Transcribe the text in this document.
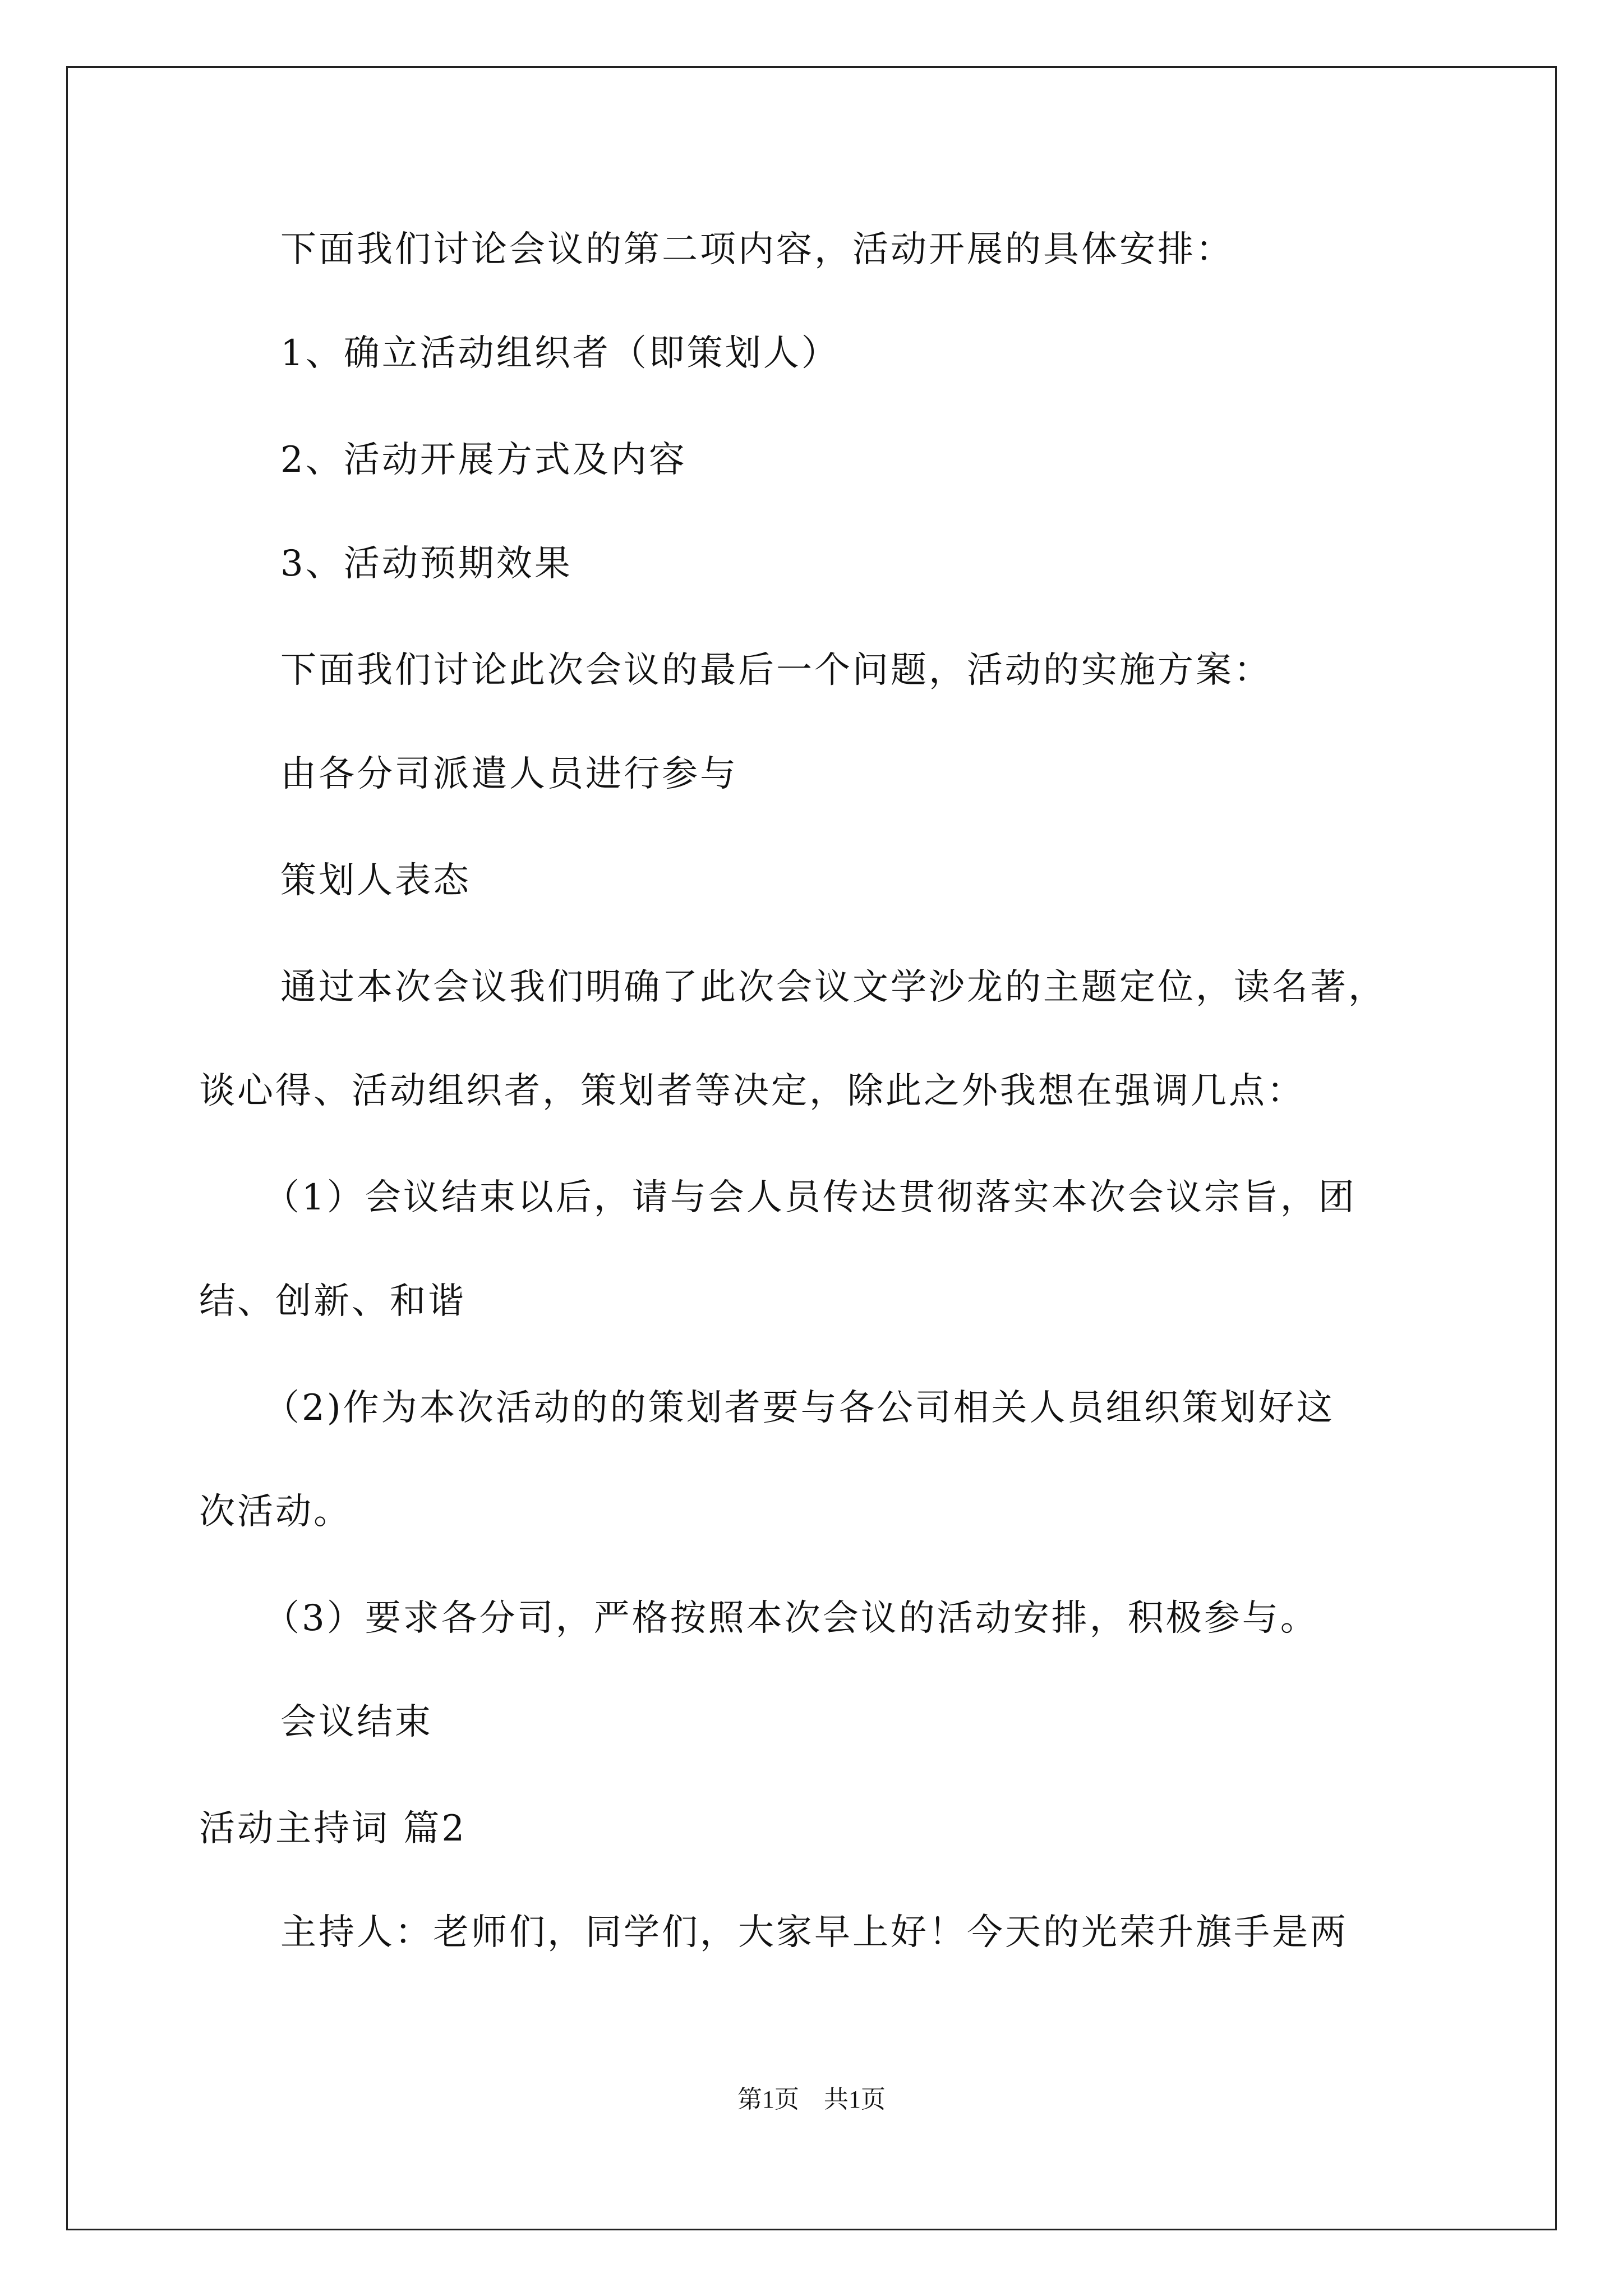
下面我们讨论会议的第二项内容，活动开展的具体安排：

1、确立活动组织者（即策划人）

2、活动开展方式及内容

3、活动预期效果

下面我们讨论此次会议的最后一个问题，活动的实施方案：

由各分司派遣人员进行参与

策划人表态

通过本次会议我们明确了此次会议文学沙龙的主题定位，读名著，

谈心得、活动组织者，策划者等决定，除此之外我想在强调几点：

（1）会议结束以后，请与会人员传达贯彻落实本次会议宗旨，团

结、创新、和谐

（2)作为本次活动的的策划者要与各公司相关人员组织策划好这

次活动。

（3）要求各分司，严格按照本次会议的活动安排，积极参与。

会议结束

活动主持词 篇2

主持人：老师们，同学们，大家早上好！今天的光荣升旗手是两

第1页　共1页
